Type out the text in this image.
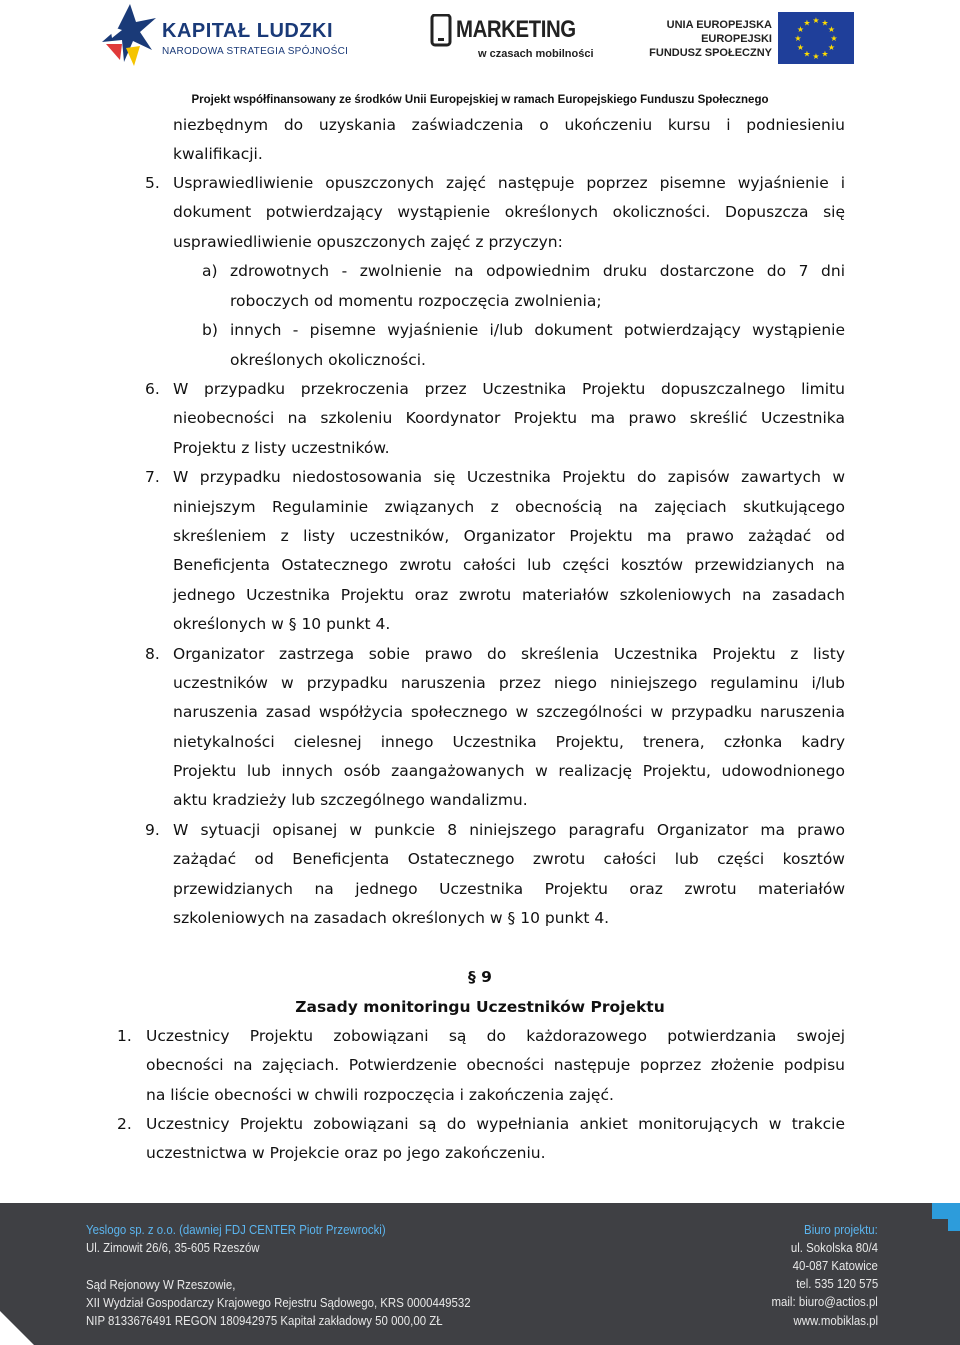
KAPITAŁ LUDZKI
NARODOWA STRATEGIA SPÓJNOŚCI
MARKETING
w czasach mobilności
UNIA EUROPEJSKA
EUROPEJSKI
FUNDUSZ SPOŁECZNY
★ ★
★
★
★
★
★
★
★
★
★
★
Projekt współfinansowany ze środków Unii Europejskiej w ramach Europejskiego Funduszu Społecznego
niezbędnym do uzyskania zaświadczenia o ukończeniu kursu i podniesieniu
kwalifikacji.
5. Usprawiedliwienie opuszczonych zajęć następuje poprzez pisemne wyjaśnienie i
dokument potwierdzający wystąpienie określonych okoliczności. Dopuszcza się
usprawiedliwienie opuszczonych zajęć z przyczyn:
a) zdrowotnych - zwolnienie na odpowiednim druku dostarczone do 7 dni
roboczych od momentu rozpoczęcia zwolnienia;
b) innych - pisemne wyjaśnienie i/lub dokument potwierdzający wystąpienie
określonych okoliczności.
6. W przypadku przekroczenia przez Uczestnika Projektu dopuszczalnego limitu
nieobecności na szkoleniu Koordynator Projektu ma prawo skreślić Uczestnika
Projektu z listy uczestników.
7. W przypadku niedostosowania się Uczestnika Projektu do zapisów zawartych w
niniejszym Regulaminie związanych z obecnością na zajęciach skutkującego
skreśleniem z listy uczestników, Organizator Projektu ma prawo zażądać od
Beneficjenta Ostatecznego zwrotu całości lub części kosztów przewidzianych na
jednego Uczestnika Projektu oraz zwrotu materiałów szkoleniowych na zasadach
określonych w § 10 punkt 4.
8. Organizator zastrzega sobie prawo do skreślenia Uczestnika Projektu z listy
uczestników w przypadku naruszenia przez niego niniejszego regulaminu i/lub
naruszenia zasad współżycia społecznego w szczególności w przypadku naruszenia
nietykalności cielesnej innego Uczestnika Projektu, trenera, członka kadry
Projektu lub innych osób zaangażowanych w realizację Projektu, udowodnionego
aktu kradzieży lub szczególnego wandalizmu.
9. W sytuacji opisanej w punkcie 8 niniejszego paragrafu Organizator ma prawo
zażądać od Beneficjenta Ostatecznego zwrotu całości lub części kosztów
przewidzianych na jednego Uczestnika Projektu oraz zwrotu materiałów
szkoleniowych na zasadach określonych w § 10 punkt 4.
§ 9
Zasady monitoringu Uczestników Projektu
1. Uczestnicy Projektu zobowiązani są do każdorazowego potwierdzania swojej
obecności na zajęciach. Potwierdzenie obecności następuje poprzez złożenie podpisu
na liście obecności w chwili rozpoczęcia i zakończenia zajęć.
2. Uczestnicy Projektu zobowiązani są do wypełniania ankiet monitorujących w trakcie
uczestnictwa w Projekcie oraz po jego zakończeniu.
Yeslogo sp. z o.o. (dawniej FDJ CENTER Piotr Przewrocki)
Ul. Zimowit 26/6, 35-605 Rzeszów
Sąd Rejonowy W Rzeszowie,
XII Wydział Gospodarczy Krajowego Rejestru Sądowego, KRS 0000449532
NIP 8133676491 REGON 180942975 Kapitał zakładowy 50 000,00 ZŁ
Biuro projektu:
ul. Sokolska 80/4
40-087 Katowice
tel. 535 120 575
mail: biuro@actios.pl
www.mobiklas.pl
